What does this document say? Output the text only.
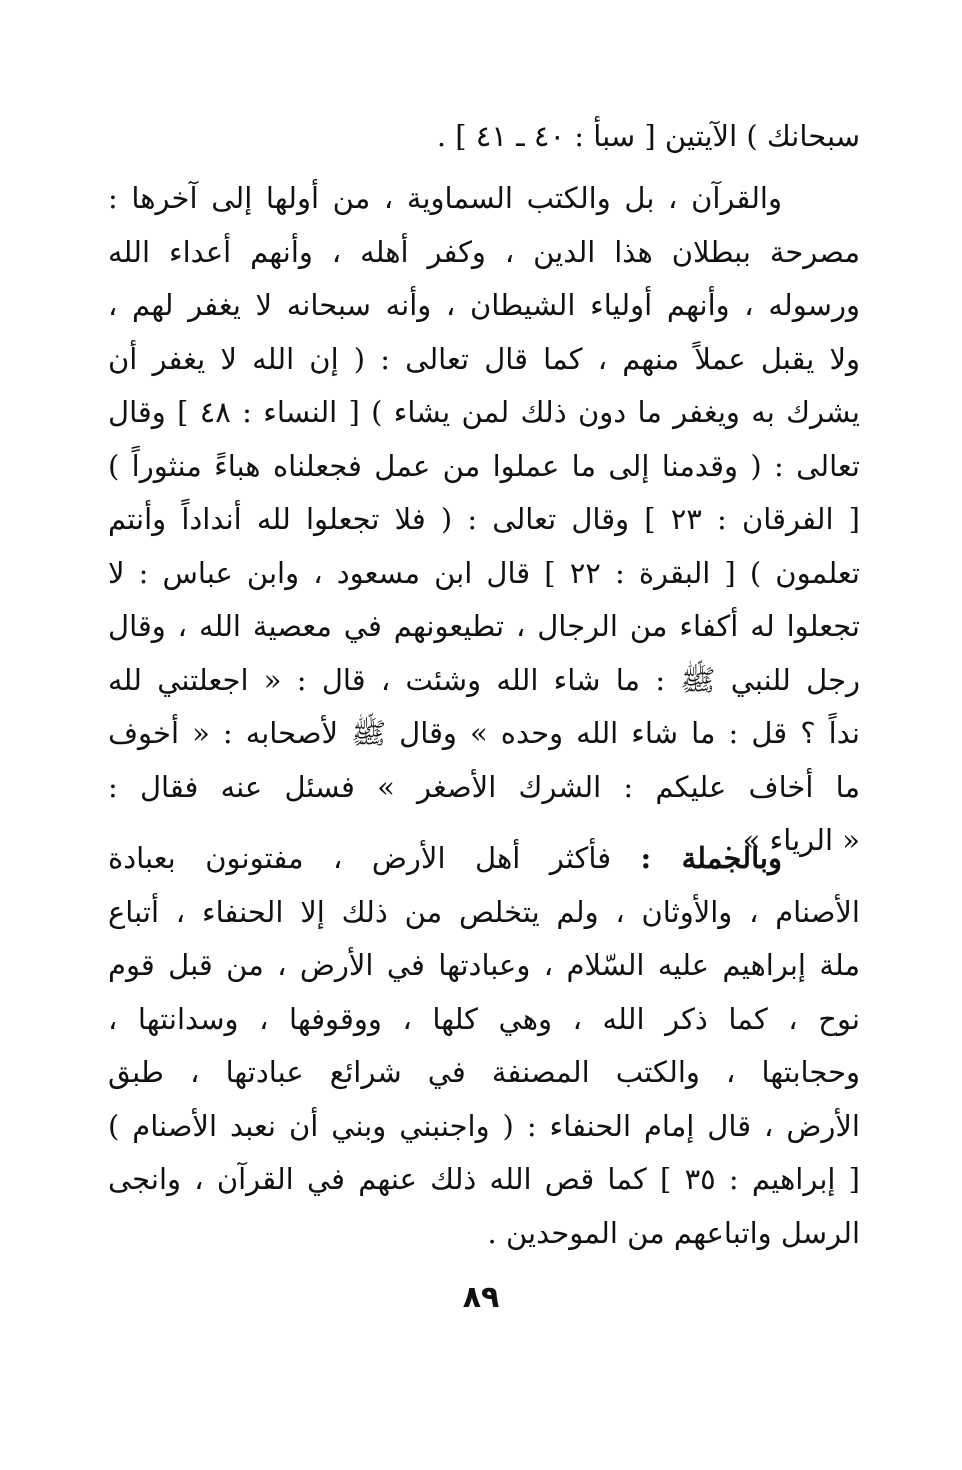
سبحانك ) الآيتين [ سبأ : ٤٠ ـ ٤١ ] .
والقرآن ، بل والكتب السماوية ، من أولها إلى آخرها :
مصرحة ببطلان هذا الدين ، وكفر أهله ، وأنهم أعداء الله
ورسوله ، وأنهم أولياء الشيطان ، وأنه سبحانه لا يغفر لهم ،
ولا يقبل عملاً منهم ، كما قال تعالى : ( إن الله لا يغفر أن
يشرك به ويغفر ما دون ذلك لمن يشاء ) [ النساء : ٤٨ ] وقال
تعالى : ( وقدمنا إلى ما عملوا من عمل فجعلناه هباءً منثوراً )
[ الفرقان : ٢٣ ] وقال تعالى : ( فلا تجعلوا لله أنداداً وأنتم
تعلمون ) [ البقرة : ٢٢ ] قال ابن مسعود ، وابن عباس : لا
تجعلوا له أكفاء من الرجال ، تطيعونهم في معصية الله ، وقال
رجل للنبي ﷺ : ما شاء الله وشئت ، قال : « اجعلتني لله
نداً ؟ قل : ما شاء الله وحده » وقال ﷺ لأصحابه : « أخوف
ما أخاف عليكم : الشرك الأصغر » فسئل عنه فقال :
« الرياء » .
وبالجملة : فأكثر أهل الأرض ، مفتونون بعبادة
الأصنام ، والأوثان ، ولم يتخلص من ذلك إلا الحنفاء ، أتباع
ملة إبراهيم عليه السّلام ، وعبادتها في الأرض ، من قبل قوم
نوح ، كما ذكر الله ، وهي كلها ، ووقوفها ، وسدانتها ،
وحجابتها ، والكتب المصنفة في شرائع عبادتها ، طبق
الأرض ، قال إمام الحنفاء : ( واجنبني وبني أن نعبد الأصنام )
[ إبراهيم : ٣٥ ] كما قص الله ذلك عنهم في القرآن ، وانجى
الرسل واتباعهم من الموحدين .
٨٩
